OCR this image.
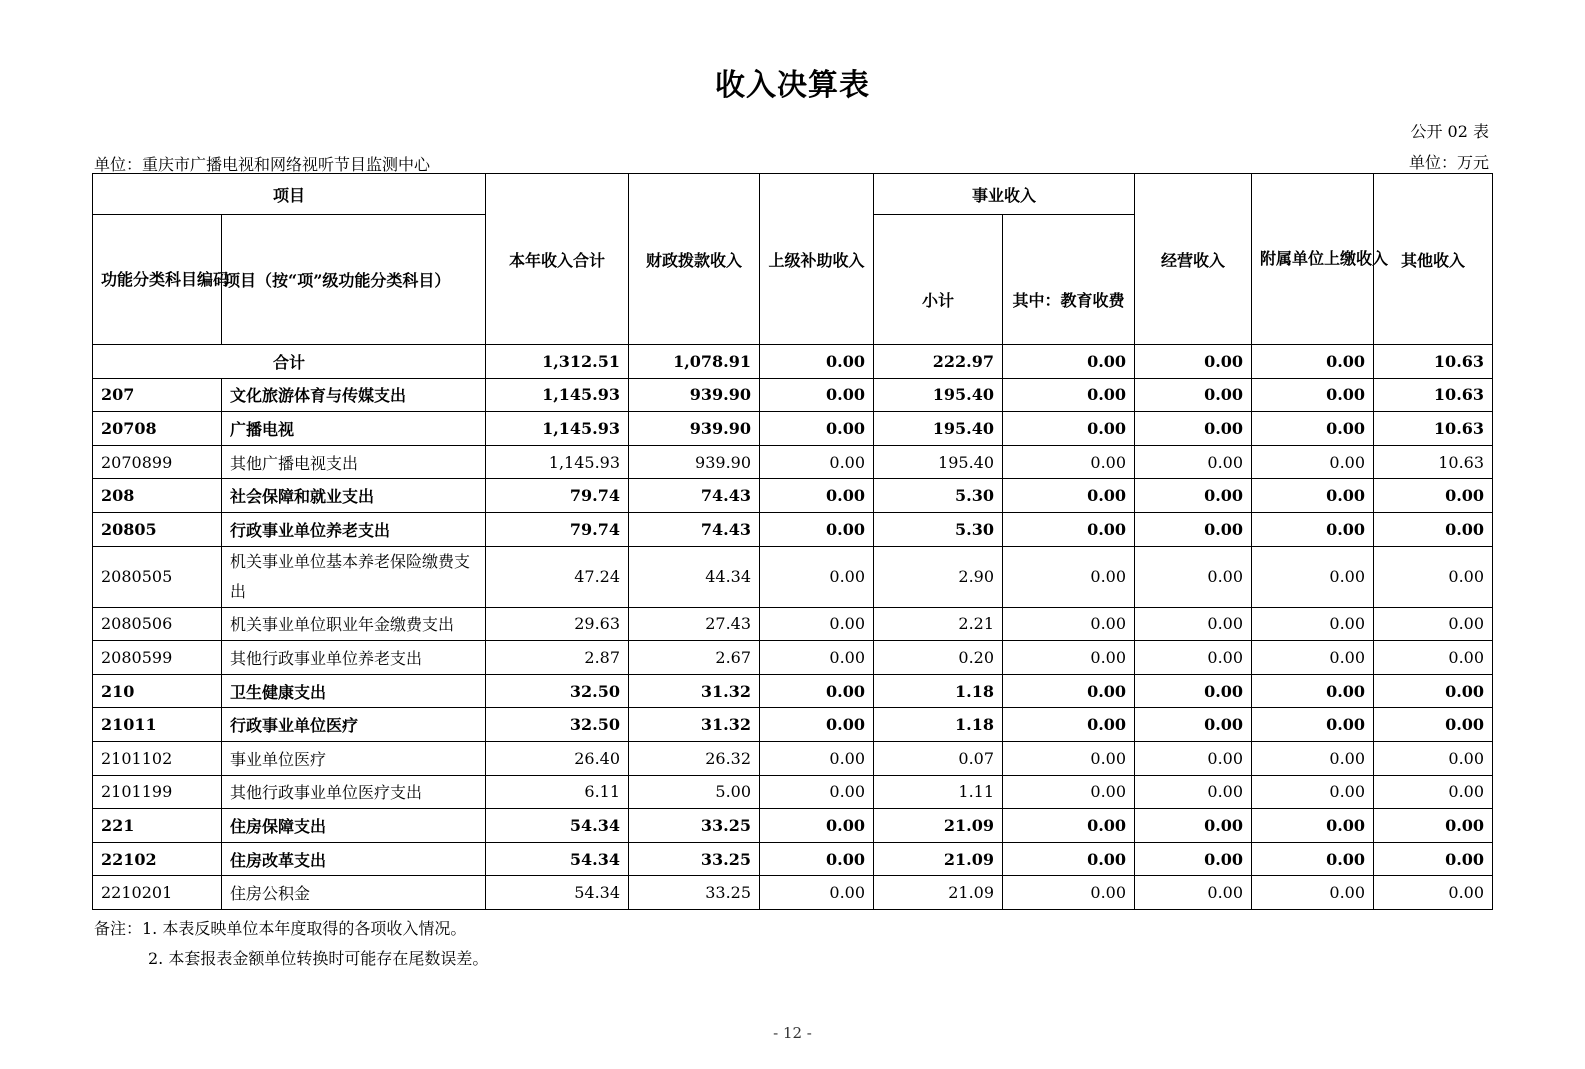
收入决算表
公开 02 表
单位：重庆市广播电视和网络视听节目监测中心	单位：万元
项目		本年收入合计	财政拨款收入	上级补助收入	事业收入		经营收入	附属单位上缴收入	其他收入
功能分类科目编码	项目（按“项”级功能分类科目）				小计	其中：教育收费			
合计		1,312.51	1,078.91	0.00	222.97	0.00	0.00	0.00	10.63
207	文化旅游体育与传媒支出	1,145.93	939.90	0.00	195.40	0.00	0.00	0.00	10.63
20708	广播电视	1,145.93	939.90	0.00	195.40	0.00	0.00	0.00	10.63
2070899	其他广播电视支出	1,145.93	939.90	0.00	195.40	0.00	0.00	0.00	10.63
208	社会保障和就业支出	79.74	74.43	0.00	5.30	0.00	0.00	0.00	0.00
20805	行政事业单位养老支出	79.74	74.43	0.00	5.30	0.00	0.00	0.00	0.00
2080505	机关事业单位基本养老保险缴费支出	47.24	44.34	0.00	2.90	0.00	0.00	0.00	0.00
2080506	机关事业单位职业年金缴费支出	29.63	27.43	0.00	2.21	0.00	0.00	0.00	0.00
2080599	其他行政事业单位养老支出	2.87	2.67	0.00	0.20	0.00	0.00	0.00	0.00
210	卫生健康支出	32.50	31.32	0.00	1.18	0.00	0.00	0.00	0.00
21011	行政事业单位医疗	32.50	31.32	0.00	1.18	0.00	0.00	0.00	0.00
2101102	事业单位医疗	26.40	26.32	0.00	0.07	0.00	0.00	0.00	0.00
2101199	其他行政事业单位医疗支出	6.11	5.00	0.00	1.11	0.00	0.00	0.00	0.00
221	住房保障支出	54.34	33.25	0.00	21.09	0.00	0.00	0.00	0.00
22102	住房改革支出	54.34	33.25	0.00	21.09	0.00	0.00	0.00	0.00
2210201	住房公积金	54.34	33.25	0.00	21.09	0.00	0.00	0.00	0.00
备注：1. 本表反映单位本年度取得的各项收入情况。
2. 本套报表金额单位转换时可能存在尾数误差。
- 12 -
